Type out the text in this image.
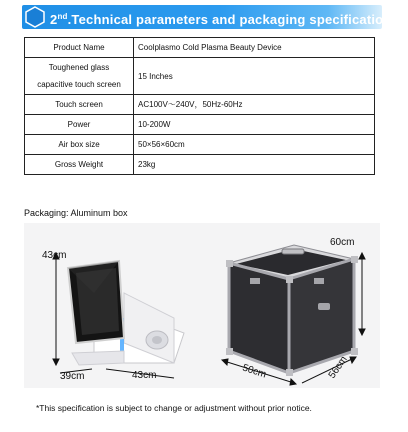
2nd.Technical parameters and packaging specifications
Product Name	Coolplasmo Cold Plasma Beauty Device

Toughened glass
capacitive touch screen	15 Inches
Touch screen	AC100V～240V，50Hz-60Hz
Power	10-200W
Air box size	50×56×60cm
Gross Weight	23kg
Packaging: Aluminum box
43cm
39cm	43cm
60cm
50cm	56cm
*This specification is subject to change or adjustment without prior notice.
